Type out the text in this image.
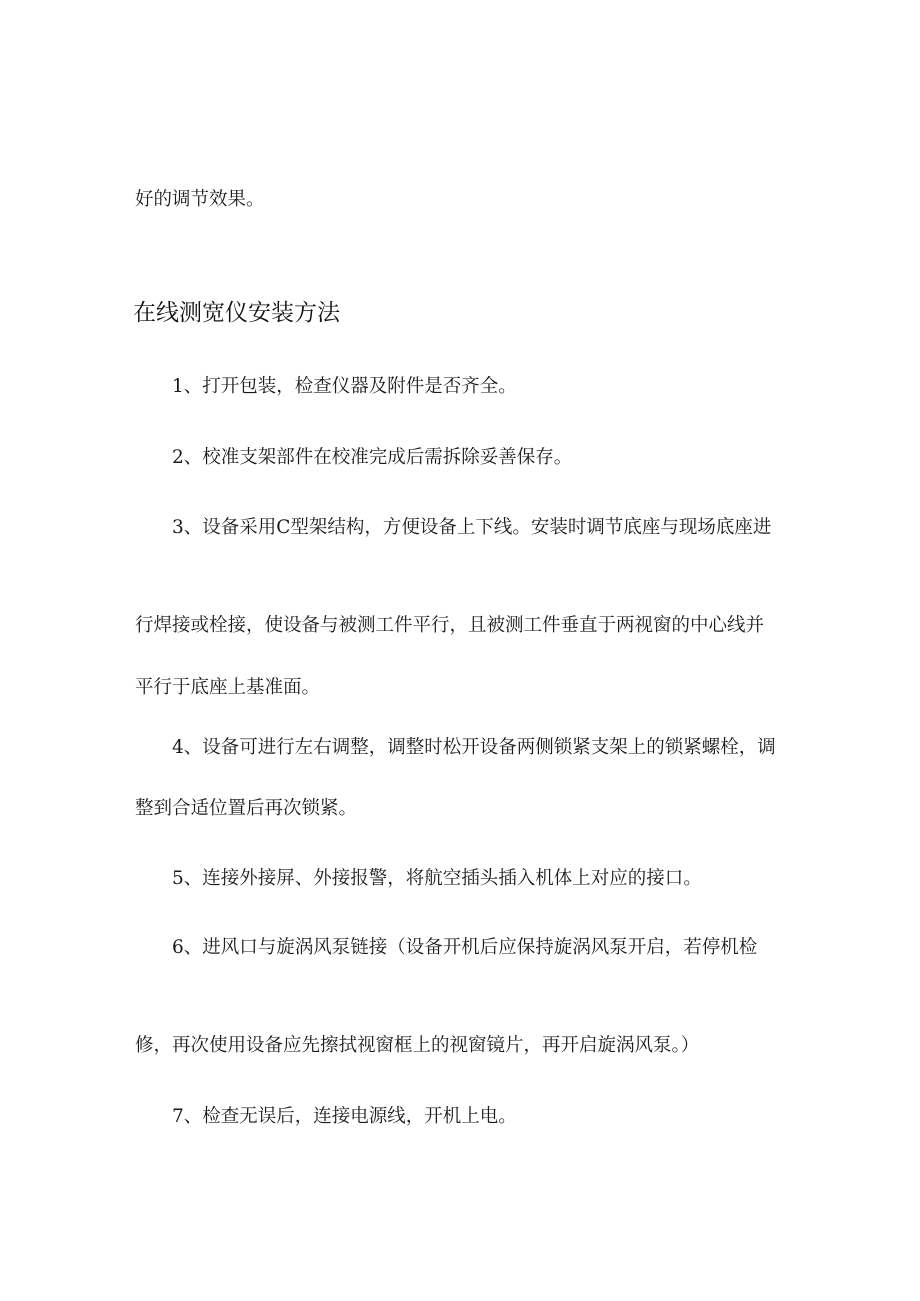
好的调节效果。

在线测宽仪安装方法

1、打开包装，检查仪器及附件是否齐全。

2、校准支架部件在校准完成后需拆除妥善保存。

3、设备采用C型架结构，方便设备上下线。安装时调节底座与现场底座进

行焊接或栓接，使设备与被测工件平行，且被测工件垂直于两视窗的中心线并

平行于底座上基准面。

4、设备可进行左右调整，调整时松开设备两侧锁紧支架上的锁紧螺栓，调

整到合适位置后再次锁紧。

5、连接外接屏、外接报警，将航空插头插入机体上对应的接口。

6、进风口与旋涡风泵链接（设备开机后应保持旋涡风泵开启，若停机检

修，再次使用设备应先擦拭视窗框上的视窗镜片，再开启旋涡风泵。）

7、检查无误后，连接电源线，开机上电。
